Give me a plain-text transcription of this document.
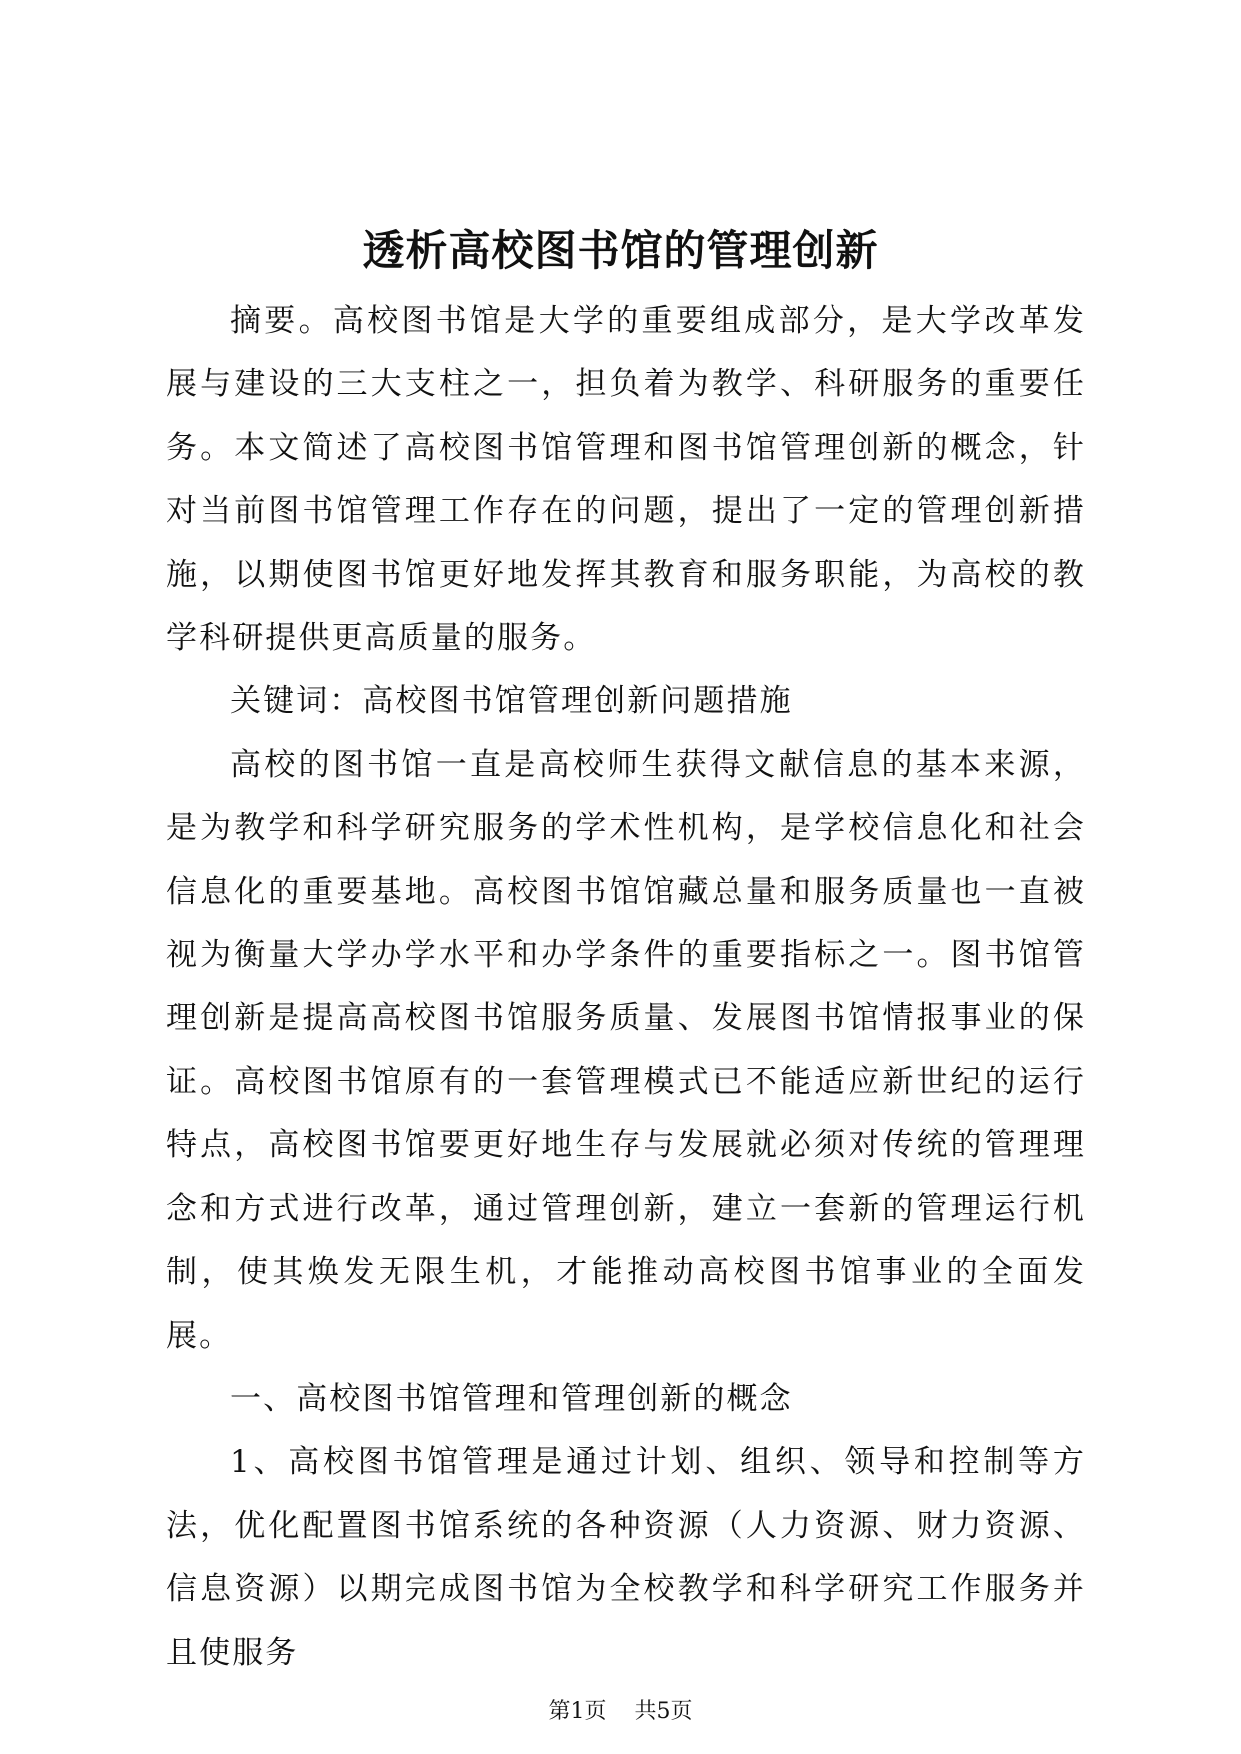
透析高校图书馆的管理创新

摘要。高校图书馆是大学的重要组成部分，是大学改革发展与建设的三大支柱之一，担负着为教学、科研服务的重要任务。本文简述了高校图书馆管理和图书馆管理创新的概念，针对当前图书馆管理工作存在的问题，提出了一定的管理创新措施，以期使图书馆更好地发挥其教育和服务职能，为高校的教学科研提供更高质量的服务。

关键词：高校图书馆管理创新问题措施

高校的图书馆一直是高校师生获得文献信息的基本来源，是为教学和科学研究服务的学术性机构，是学校信息化和社会信息化的重要基地。高校图书馆馆藏总量和服务质量也一直被视为衡量大学办学水平和办学条件的重要指标之一。图书馆管理创新是提高高校图书馆服务质量、发展图书馆情报事业的保证。高校图书馆原有的一套管理模式已不能适应新世纪的运行特点，高校图书馆要更好地生存与发展就必须对传统的管理理念和方式进行改革，通过管理创新，建立一套新的管理运行机制，使其焕发无限生机，才能推动高校图书馆事业的全面发展。

一、高校图书馆管理和管理创新的概念

1、高校图书馆管理是通过计划、组织、领导和控制等方法，优化配置图书馆系统的各种资源（人力资源、财力资源、信息资源）以期完成图书馆为全校教学和科学研究工作服务并且使服务

第1页 共5页
